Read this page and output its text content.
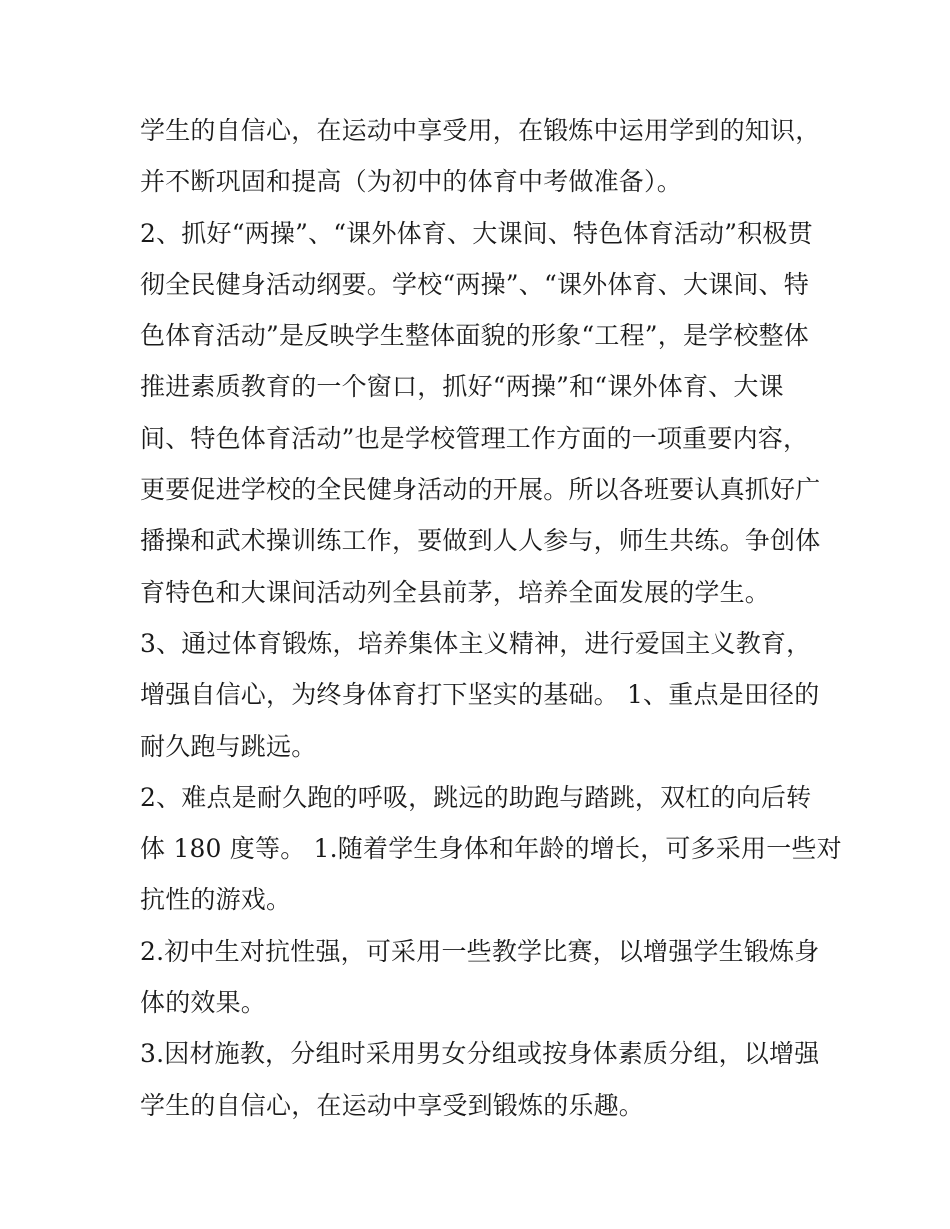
学生的自信心，在运动中享受用，在锻炼中运用学到的知识，
并不断巩固和提高（为初中的体育中考做准备）。
2、抓好“两操”、“课外体育、大课间、特色体育活动”积极贯
彻全民健身活动纲要。学校“两操”、“课外体育、大课间、特
色体育活动”是反映学生整体面貌的形象“工程”，是学校整体
推进素质教育的一个窗口，抓好“两操”和“课外体育、大课
间、特色体育活动”也是学校管理工作方面的一项重要内容，
更要促进学校的全民健身活动的开展。所以各班要认真抓好广
播操和武术操训练工作，要做到人人参与，师生共练。争创体
育特色和大课间活动列全县前茅，培养全面发展的学生。
3、通过体育锻炼，培养集体主义精神，进行爱国主义教育，
增强自信心，为终身体育打下坚实的基础。 1、重点是田径的
耐久跑与跳远。
2、难点是耐久跑的呼吸，跳远的助跑与踏跳，双杠的向后转
体 180 度等。 1.随着学生身体和年龄的增长，可多采用一些对
抗性的游戏。
2.初中生对抗性强，可采用一些教学比赛，以增强学生锻炼身
体的效果。
3.因材施教，分组时采用男女分组或按身体素质分组，以增强
学生的自信心，在运动中享受到锻炼的乐趣。
